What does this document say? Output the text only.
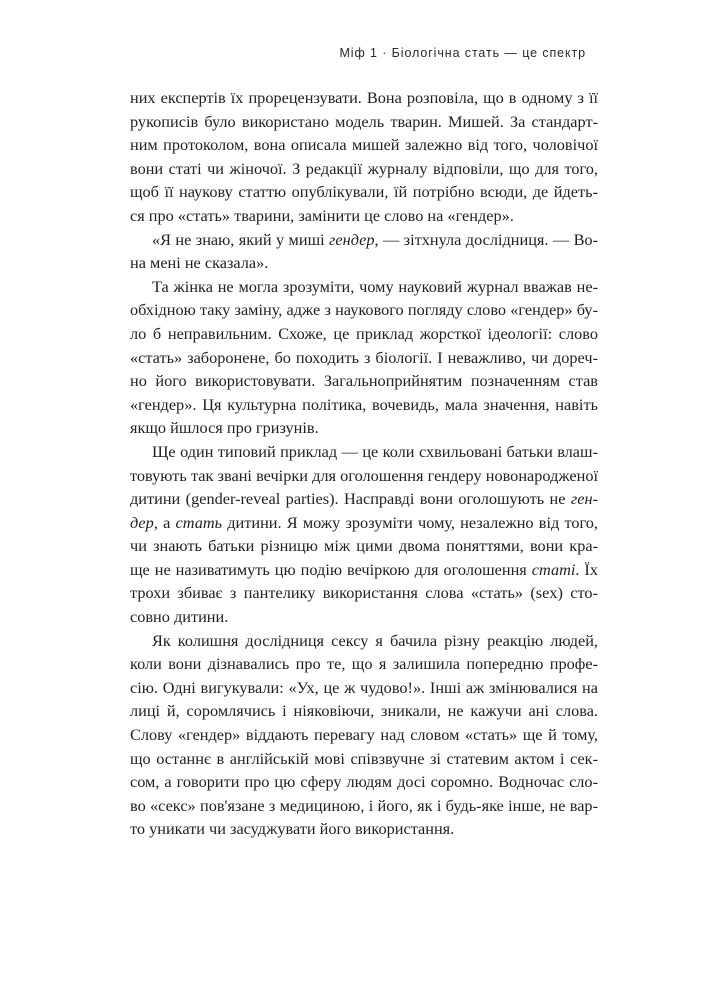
Міф 1 · Біологічна стать — це спектр
них експертів їх прорецензувати. Вона розповіла, що в одному з її
рукописів було використано модель тварин. Мишей. За стандарт-
ним протоколом, вона описала мишей залежно від того, чоловічої
вони статі чи жіночої. З редакції журналу відповіли, що для того,
щоб її наукову статтю опублікували, їй потрібно всюди, де йдеть-
ся про «стать» тварини, замінити це слово на «гендер».
«Я не знаю, який у миші гендер, — зітхнула дослідниця. — Во-
на мені не сказала».
Та жінка не могла зрозуміти, чому науковий журнал вважав не-
обхідною таку заміну, адже з наукового погляду слово «гендер» бу-
ло б неправильним. Схоже, це приклад жорсткої ідеології: слово
«стать» заборонене, бо походить з біології. І неважливо, чи дореч-
но його використовувати. Загальноприйнятим позначенням став
«гендер». Ця культурна політика, вочевидь, мала значення, навіть
якщо йшлося про гризунів.
Ще один типовий приклад — це коли схвильовані батьки влаш-
товують так звані вечірки для оголошення гендеру новонародженої
дитини (gender-reveal parties). Насправді вони оголошують не ген-
дер, а стать дитини. Я можу зрозуміти чому, незалежно від того,
чи знають батьки різницю між цими двома поняттями, вони кра-
ще не називатимуть цю подію вечіркою для оголошення статі. Їх
трохи збиває з пантелику використання слова «стать» (sex) сто-
совно дитини.
Як колишня дослідниця сексу я бачила різну реакцію людей,
коли вони дізнавались про те, що я залишила попередню профе-
сію. Одні вигукували: «Ух, це ж чудово!». Інші аж змінювалися на
лиці й, соромлячись і ніяковіючи, зникали, не кажучи ані слова.
Слову «гендер» віддають перевагу над словом «стать» ще й тому,
що останнє в англійській мові співзвучне зі статевим актом і сек-
сом, а говорити про цю сферу людям досі соромно. Водночас сло-
во «секс» пов'язане з медициною, і його, як і будь-яке інше, не вар-
то уникати чи засуджувати його використання.
